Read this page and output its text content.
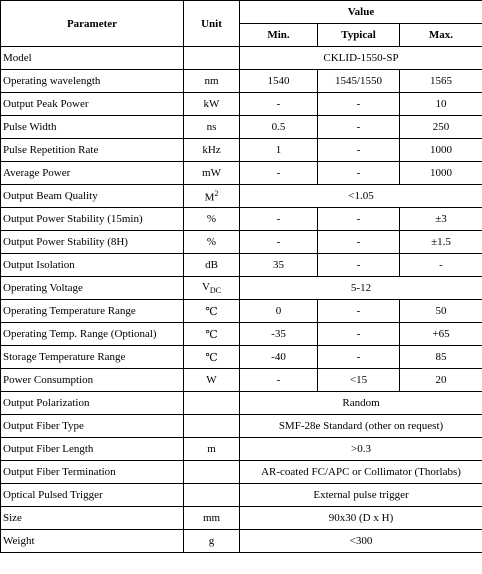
Parameter	Unit	Value		
		Min.	Typical	Max.
Model		CKLID-1550-SP		
Operating wavelength	nm	1540	1545/1550	1565
Output Peak Power	kW	-	-	10
Pulse Width	ns	0.5	-	250
Pulse Repetition Rate	kHz	1	-	1000
Average Power	mW	-	-	1000
Output Beam Quality	$M^2$	<1.05		
Output Power Stability (15min)	%	-	-	±3
Output Power Stability (8H)	%	-	-	±1.5
Output Isolation	dB	35	-	-
Operating Voltage	$V_{DC}$	5-12		
Operating Temperature Range	℃	0	-	50
Operating Temp. Range (Optional)	℃	-35	-	+65
Storage Temperature Range	℃	-40	-	85
Power Consumption	W	-	<15	20
Output Polarization		Random		
Output Fiber Type		SMF-28e Standard (other on request)		
Output Fiber Length	m	>0.3		
Output Fiber Termination		AR-coated FC/APC or Collimator (Thorlabs)		
Optical Pulsed Trigger		External pulse trigger		
Size	mm	90x30 (D x H)		
Weight	g	<300		
